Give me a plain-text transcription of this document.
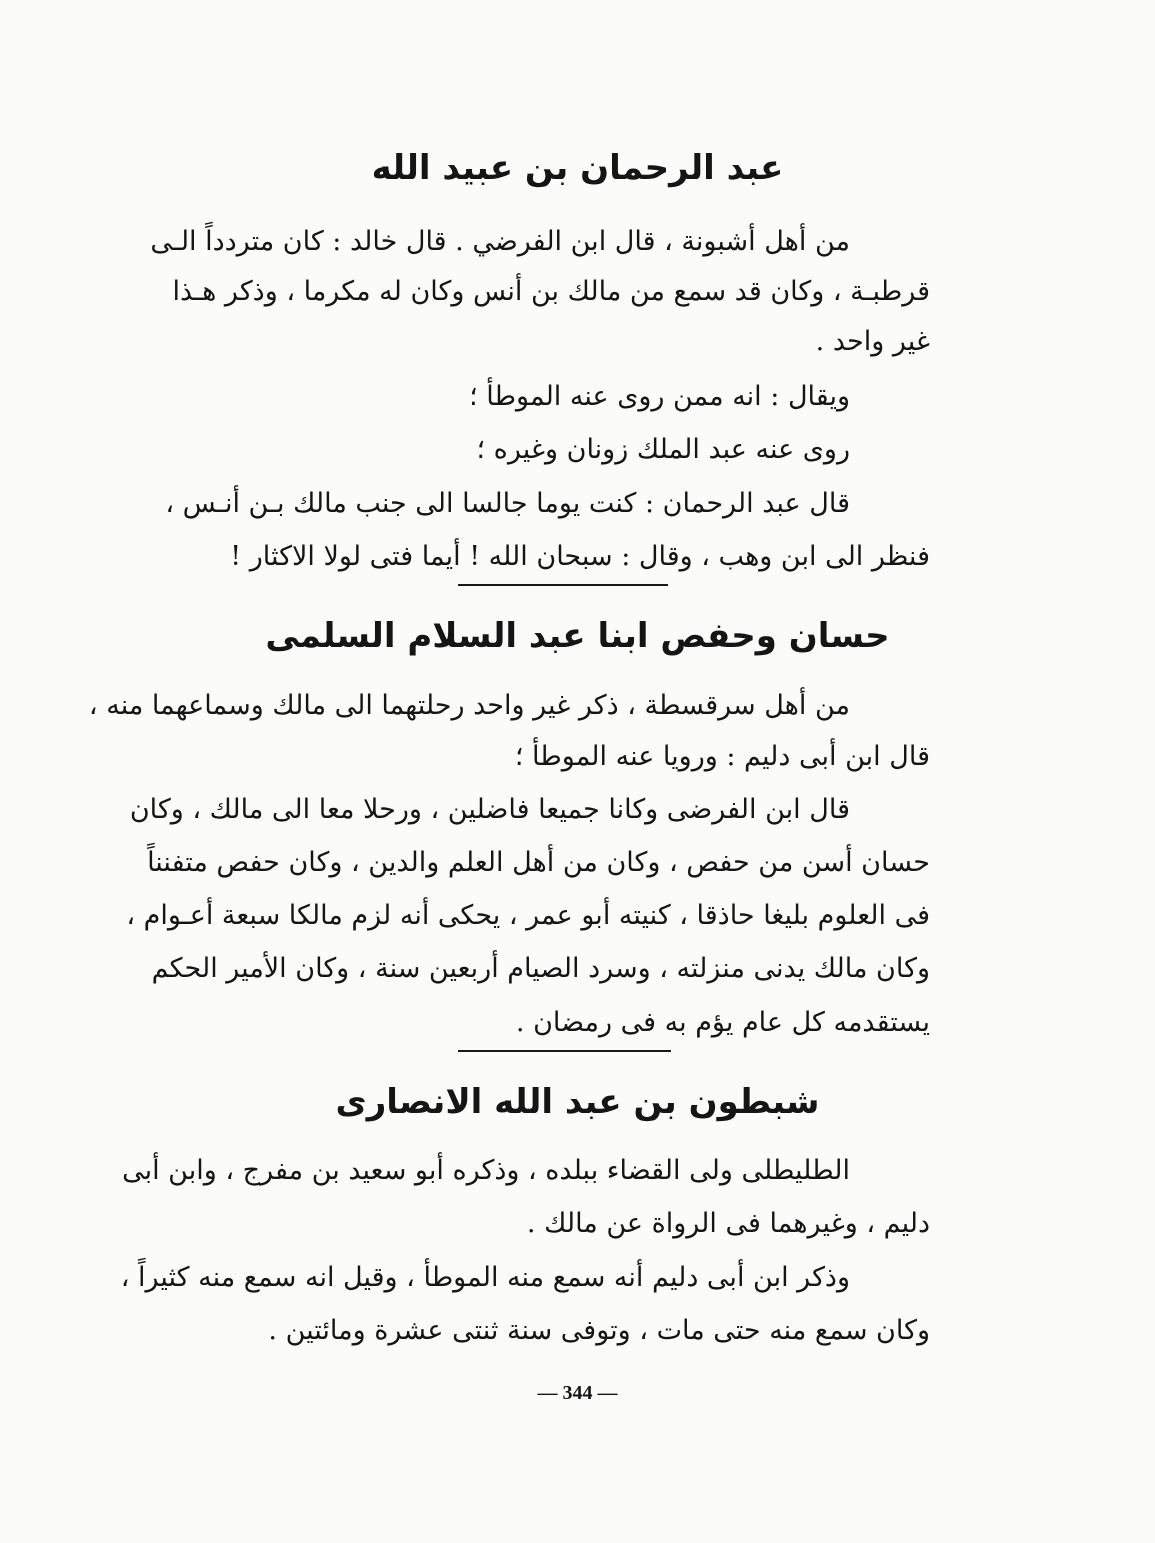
عبد الرحمان بن عبيد الله
من أهل أشبونة ، قال ابن الفرضي . قال خالد : كان متردداً الـى
قرطبـة ، وكان قد سمع من مالك بن أنس وكان له مكرما ، وذكر هـذا
غير واحد .
ويقال : انه ممن روى عنه الموطأ ؛
روى عنه عبد الملك زونان وغيره ؛
قال عبد الرحمان : كنت يوما جالسا الى جنب مالك بـن أنـس ،
فنظر الى ابن وهب ، وقال : سبحان الله ! أيما فتى لولا الاكثار !
حسان وحفص ابنا عبد السلام السلمى
من أهل سرقسطة ، ذكر غير واحد رحلتهما الى مالك وسماعهما منه ،
قال ابن أبى دليم : ورويا عنه الموطأ ؛
قال ابن الفرضى وكانا جميعا فاضلين ، ورحلا معا الى مالك ، وكان
حسان أسن من حفص ، وكان من أهل العلم والدين ، وكان حفص متفنناً
فى العلوم بليغا حاذقا ، كنيته أبو عمر ، يحكى أنه لزم مالكا سبعة أعـوام ،
وكان مالك يدنى منزلته ، وسرد الصيام أربعين سنة ، وكان الأمير الحكم
يستقدمه كل عام يؤم به فى رمضان .
شبطون بن عبد الله الانصارى
الطليطلى ولى القضاء ببلده ، وذكره أبو سعيد بن مفرج ، وابن أبى
دليم ، وغيرهما فى الرواة عن مالك .
وذكر ابن أبى دليم أنه سمع منه الموطأ ، وقيل انه سمع منه كثيراً ،
وكان سمع منه حتى مات ، وتوفى سنة ثنتى عشرة ومائتين .
— 344 —
